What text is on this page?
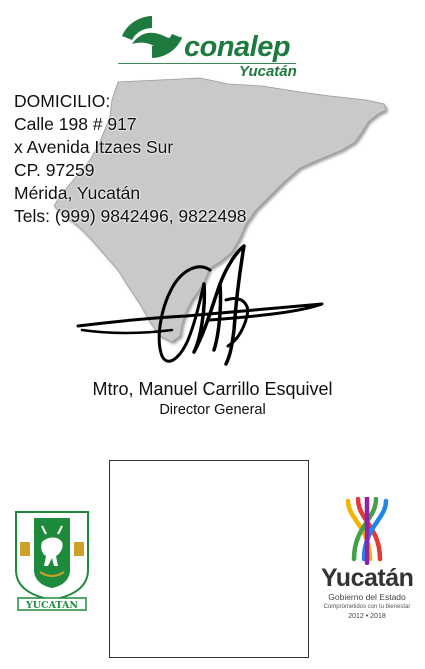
conalep
Yucatán
DOMICILIO:
Calle 198 # 917
x Avenida Itzaes Sur
CP. 97259
Mérida, Yucatán
Tels: (999) 9842496, 9822498
Mtro, Manuel Carrillo Esquivel
Director General
YUCATAN
Yucatán
Gobierno del Estado
Comprometidos con tu bienestar
2012 • 2018
